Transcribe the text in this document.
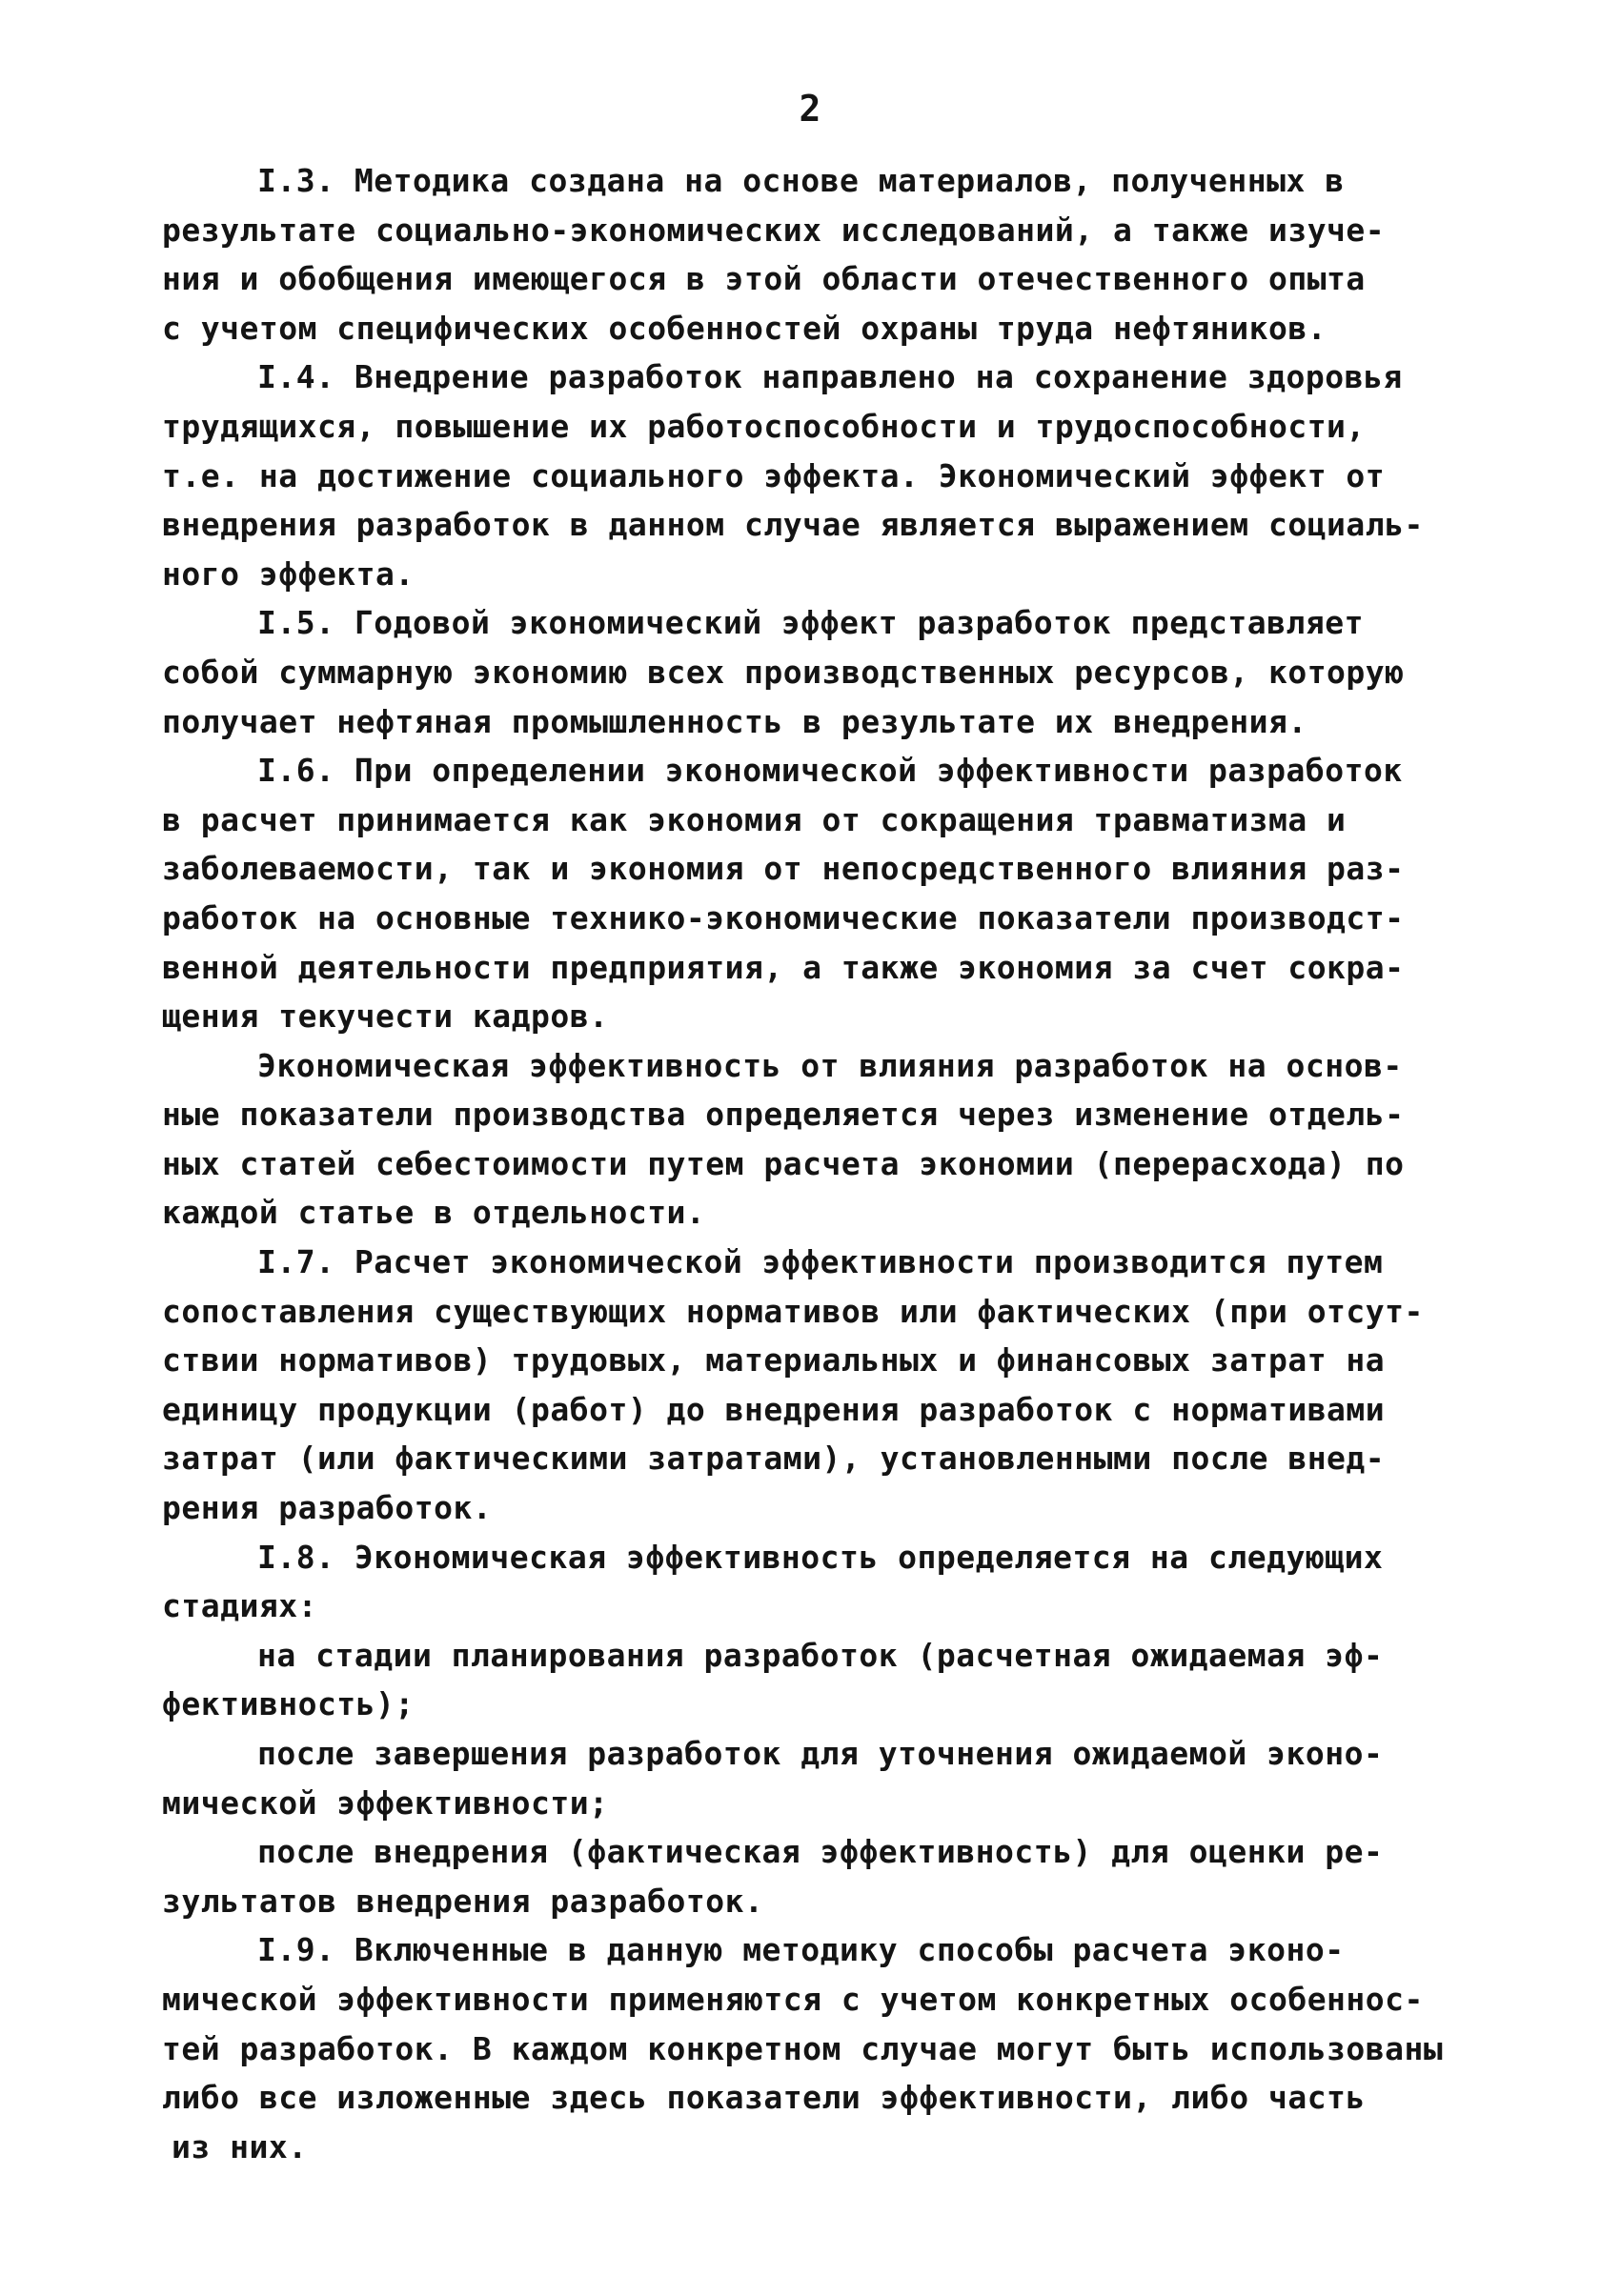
2
I.3. Методика создана на основе материалов, полученных в
результате социально-экономических исследований, а также изуче-
ния и обобщения имеющегося в этой области отечественного опыта
с учетом специфических особенностей охраны труда нефтяников.
I.4. Внедрение разработок направлено на сохранение здоровья
трудящихся, повышение их работоспособности и трудоспособности,
т.е. на достижение социального эффекта. Экономический эффект от
внедрения разработок в данном случае является выражением социаль-
ного эффекта.
I.5. Годовой экономический эффект разработок представляет
собой суммарную экономию всех производственных ресурсов, которую
получает нефтяная промышленность в результате их внедрения.
I.6. При определении экономической эффективности разработок
в расчет принимается как экономия от сокращения травматизма и
заболеваемости, так и экономия от непосредственного влияния раз-
работок на основные технико-экономические показатели производст-
венной деятельности предприятия, а также экономия за счет сокра-
щения текучести кадров.
Экономическая эффективность от влияния разработок на основ-
ные показатели производства определяется через изменение отдель-
ных статей себестоимости путем расчета экономии (перерасхода) по
каждой статье в отдельности.
I.7. Расчет экономической эффективности производится путем
сопоставления существующих нормативов или фактических (при отсут-
ствии нормативов) трудовых, материальных и финансовых затрат на
единицу продукции (работ) до внедрения разработок с нормативами
затрат (или фактическими затратами), установленными после внед-
рения разработок.
I.8. Экономическая эффективность определяется на следующих
стадиях:
на стадии планирования разработок (расчетная ожидаемая эф-
фективность);
после завершения разработок для уточнения ожидаемой эконо-
мической эффективности;
после внедрения (фактическая эффективность) для оценки ре-
зультатов внедрения разработок.
I.9. Включенные в данную методику способы расчета эконо-
мической эффективности применяются с учетом конкретных особеннос-
тей разработок. В каждом конкретном случае могут быть использованы
либо все изложенные здесь показатели эффективности, либо часть
из них.
